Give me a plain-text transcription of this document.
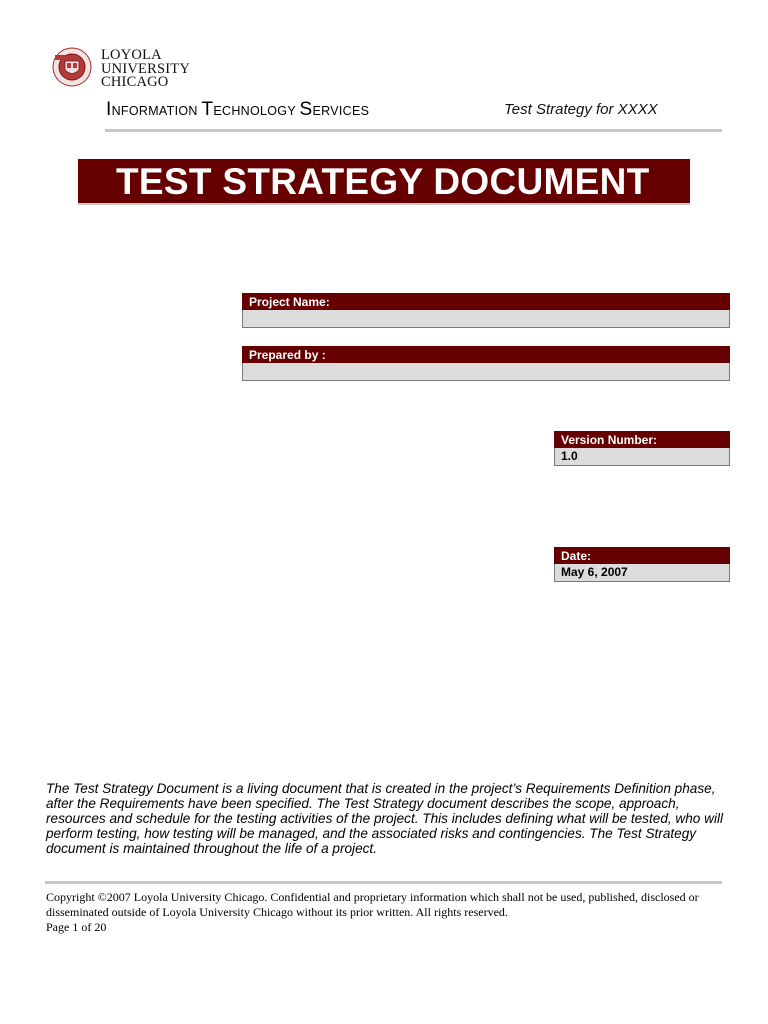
LOYOLA
UNIVERSITY
CHICAGO
INFORMATION TECHNOLOGY SERVICES	Test Strategy for XXXX
TEST STRATEGY DOCUMENT
Project Name:
Prepared by :
Version Number:
1.0
Date:
May 6, 2007
The Test Strategy Document is a living document that is created in the project’s Requirements Definition phase, after the Requirements have been specified. The Test Strategy document describes the scope, approach, resources and schedule for the testing activities of the project. This includes defining what will be tested, who will perform testing, how testing will be managed, and the associated risks and contingencies. The Test Strategy document is maintained throughout the life of a project.
Copyright ©2007 Loyola University Chicago. Confidential and proprietary information which shall not be used, published, disclosed or disseminated outside of Loyola University Chicago without its prior written. All rights reserved.
Page 1 of 20
